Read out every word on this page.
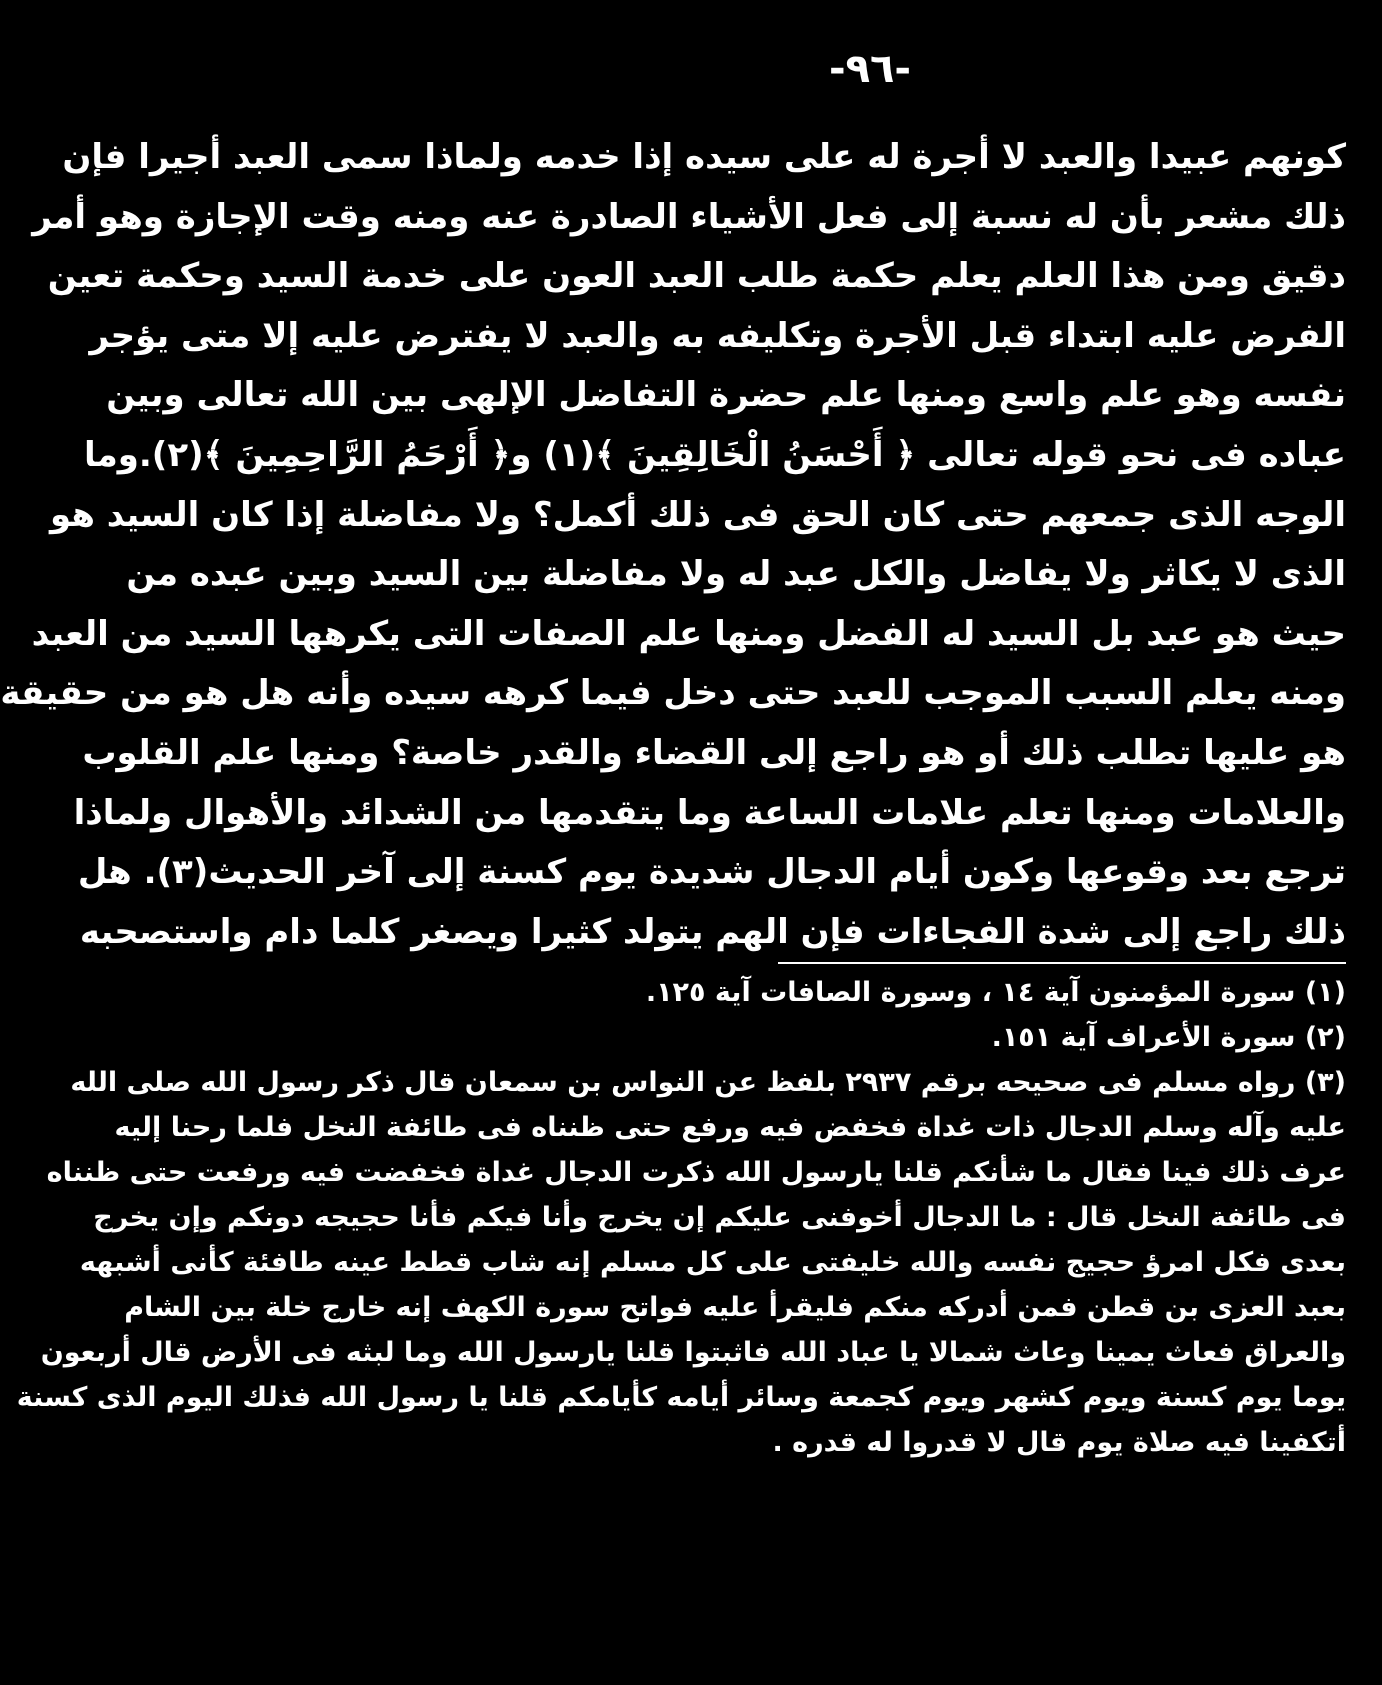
-٩٦-
كونهم عبيدا والعبد لا أجرة له على سيده إذا خدمه ولماذا سمى العبد أجيرا فإن
ذلك مشعر بأن له نسبة إلى فعل الأشياء الصادرة عنه ومنه وقت الإجازة وهو أمر
دقيق ومن هذا العلم يعلم حكمة طلب العبد العون على خدمة السيد وحكمة تعين
الفرض عليه ابتداء قبل الأجرة وتكليفه به والعبد لا يفترض عليه إلا متى يؤجر
نفسه وهو علم واسع ومنها علم حضرة التفاضل الإلهى بين الله تعالى وبين
عباده فى نحو قوله تعالى ﴿ أَحْسَنُ الْخَالِقِينَ ﴾(١) و﴿ أَرْحَمُ الرَّاحِمِينَ ﴾(٢).وما
الوجه الذى جمعهم حتى كان الحق فى ذلك أكمل؟ ولا مفاضلة إذا كان السيد هو
الذى لا يكاثر ولا يفاضل والكل عبد له ولا مفاضلة بين السيد وبين عبده من
حيث هو عبد بل السيد له الفضل ومنها علم الصفات التى يكرهها السيد من العبد
ومنه يعلم السبب الموجب للعبد حتى دخل فيما كرهه سيده وأنه هل هو من حقيقة
هو عليها تطلب ذلك أو هو راجع إلى القضاء والقدر خاصة؟ ومنها علم القلوب
والعلامات ومنها تعلم علامات الساعة وما يتقدمها من الشدائد والأهوال ولماذا
ترجع بعد وقوعها وكون أيام الدجال شديدة يوم كسنة إلى آخر الحديث(٣). هل
ذلك راجع إلى شدة الفجاءات فإن الهم يتولد كثيرا ويصغر كلما دام واستصحبه
(١) سورة المؤمنون آية ١٤ ، وسورة الصافات آية ١٢٥.
(٢) سورة الأعراف آية ١٥١.
(٣) رواه مسلم فى صحيحه برقم ٢٩٣٧ بلفظ عن النواس بن سمعان قال ذكر رسول الله صلى الله
عليه وآله وسلم الدجال ذات غداة فخفض فيه ورفع حتى ظنناه فى طائفة النخل فلما رحنا إليه
عرف ذلك فينا فقال ما شأنكم قلنا يارسول الله ذكرت الدجال غداة فخفضت فيه ورفعت حتى ظنناه
فى طائفة النخل قال : ما الدجال أخوفنى عليكم إن يخرج وأنا فيكم فأنا حجيجه دونكم وإن يخرج
بعدى فكل امرؤ حجيج نفسه والله خليفتى على كل مسلم إنه شاب قطط عينه طافئة كأنى أشبهه
بعبد العزى بن قطن فمن أدركه منكم فليقرأ عليه فواتح سورة الكهف إنه خارج خلة بين الشام
والعراق فعاث يمينا وعاث شمالا يا عباد الله فاثبتوا قلنا يارسول الله وما لبثه فى الأرض قال أربعون
يوما يوم كسنة ويوم كشهر ويوم كجمعة وسائر أيامه كأيامكم قلنا يا رسول الله فذلك اليوم الذى كسنة
أتكفينا فيه صلاة يوم قال لا قدروا له قدره .
